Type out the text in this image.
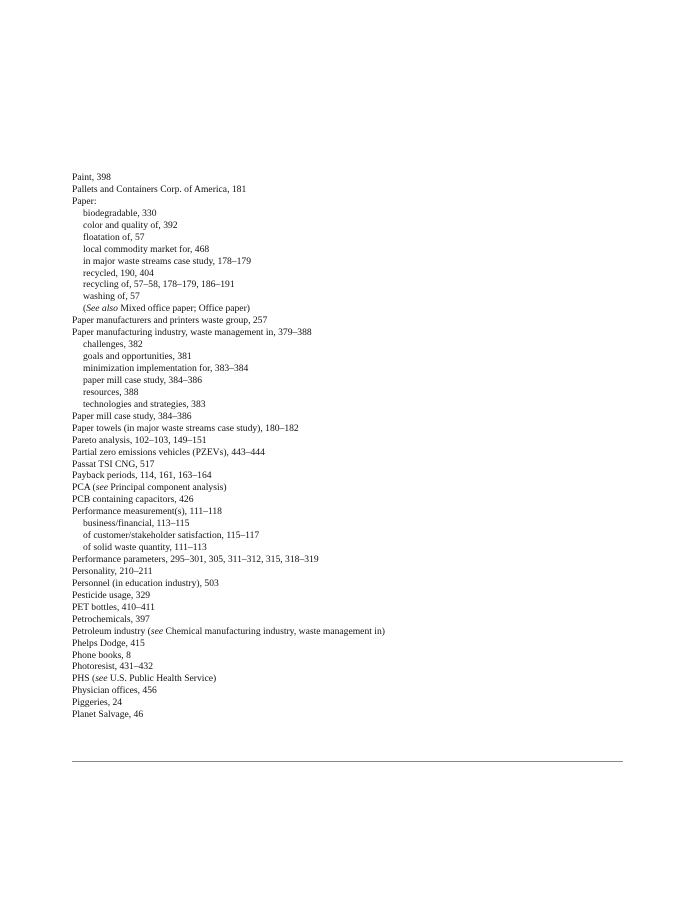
Paint, 398
Pallets and Containers Corp. of America, 181
Paper:
biodegradable, 330
color and quality of, 392
floatation of, 57
local commodity market for, 468
in major waste streams case study, 178–179
recycled, 190, 404
recycling of, 57–58, 178–179, 186–191
washing of, 57
(See also Mixed office paper; Office paper)
Paper manufacturers and printers waste group, 257
Paper manufacturing industry, waste management in, 379–388
challenges, 382
goals and opportunities, 381
minimization implementation for, 383–384
paper mill case study, 384–386
resources, 388
technologies and strategies, 383
Paper mill case study, 384–386
Paper towels (in major waste streams case study), 180–182
Pareto analysis, 102–103, 149–151
Partial zero emissions vehicles (PZEVs), 443–444
Passat TSI CNG, 517
Payback periods, 114, 161, 163–164
PCA (see Principal component analysis)
PCB containing capacitors, 426
Performance measurement(s), 111–118
business/financial, 113–115
of customer/stakeholder satisfaction, 115–117
of solid waste quantity, 111–113
Performance parameters, 295–301, 305, 311–312, 315, 318–319
Personality, 210–211
Personnel (in education industry), 503
Pesticide usage, 329
PET bottles, 410–411
Petrochemicals, 397
Petroleum industry (see Chemical manufacturing industry, waste management in)
Phelps Dodge, 415
Phone books, 8
Photoresist, 431–432
PHS (see U.S. Public Health Service)
Physician offices, 456
Piggeries, 24
Planet Salvage, 46
